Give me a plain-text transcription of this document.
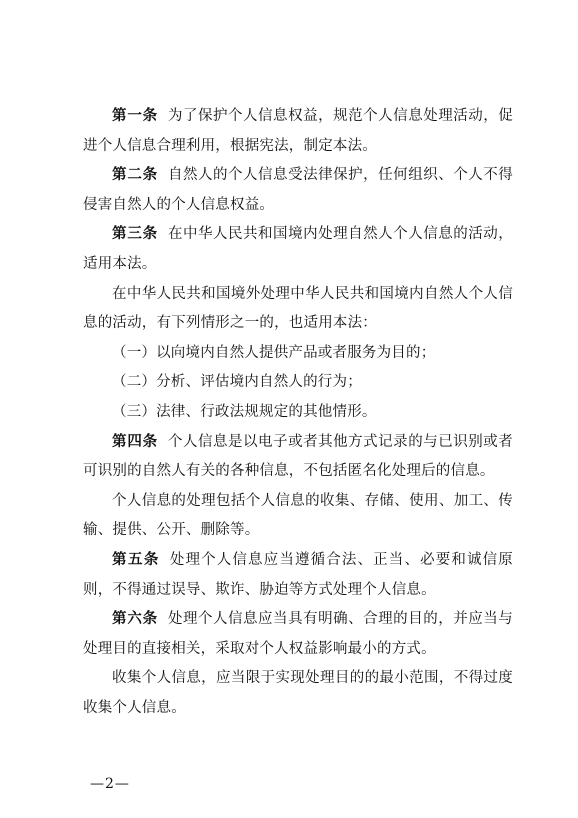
第一条 为了保护个人信息权益，规范个人信息处理活动，促进个人信息合理利用，根据宪法，制定本法。

第二条 自然人的个人信息受法律保护，任何组织、个人不得侵害自然人的个人信息权益。

第三条 在中华人民共和国境内处理自然人个人信息的活动，适用本法。

在中华人民共和国境外处理中华人民共和国境内自然人个人信息的活动，有下列情形之一的，也适用本法：

（一）以向境内自然人提供产品或者服务为目的；

（二）分析、评估境内自然人的行为；

（三）法律、行政法规规定的其他情形。

第四条 个人信息是以电子或者其他方式记录的与已识别或者可识别的自然人有关的各种信息，不包括匿名化处理后的信息。

个人信息的处理包括个人信息的收集、存储、使用、加工、传输、提供、公开、删除等。

第五条 处理个人信息应当遵循合法、正当、必要和诚信原则，不得通过误导、欺诈、胁迫等方式处理个人信息。

第六条 处理个人信息应当具有明确、合理的目的，并应当与处理目的直接相关，采取对个人权益影响最小的方式。

收集个人信息，应当限于实现处理目的的最小范围，不得过度收集个人信息。

—2—
